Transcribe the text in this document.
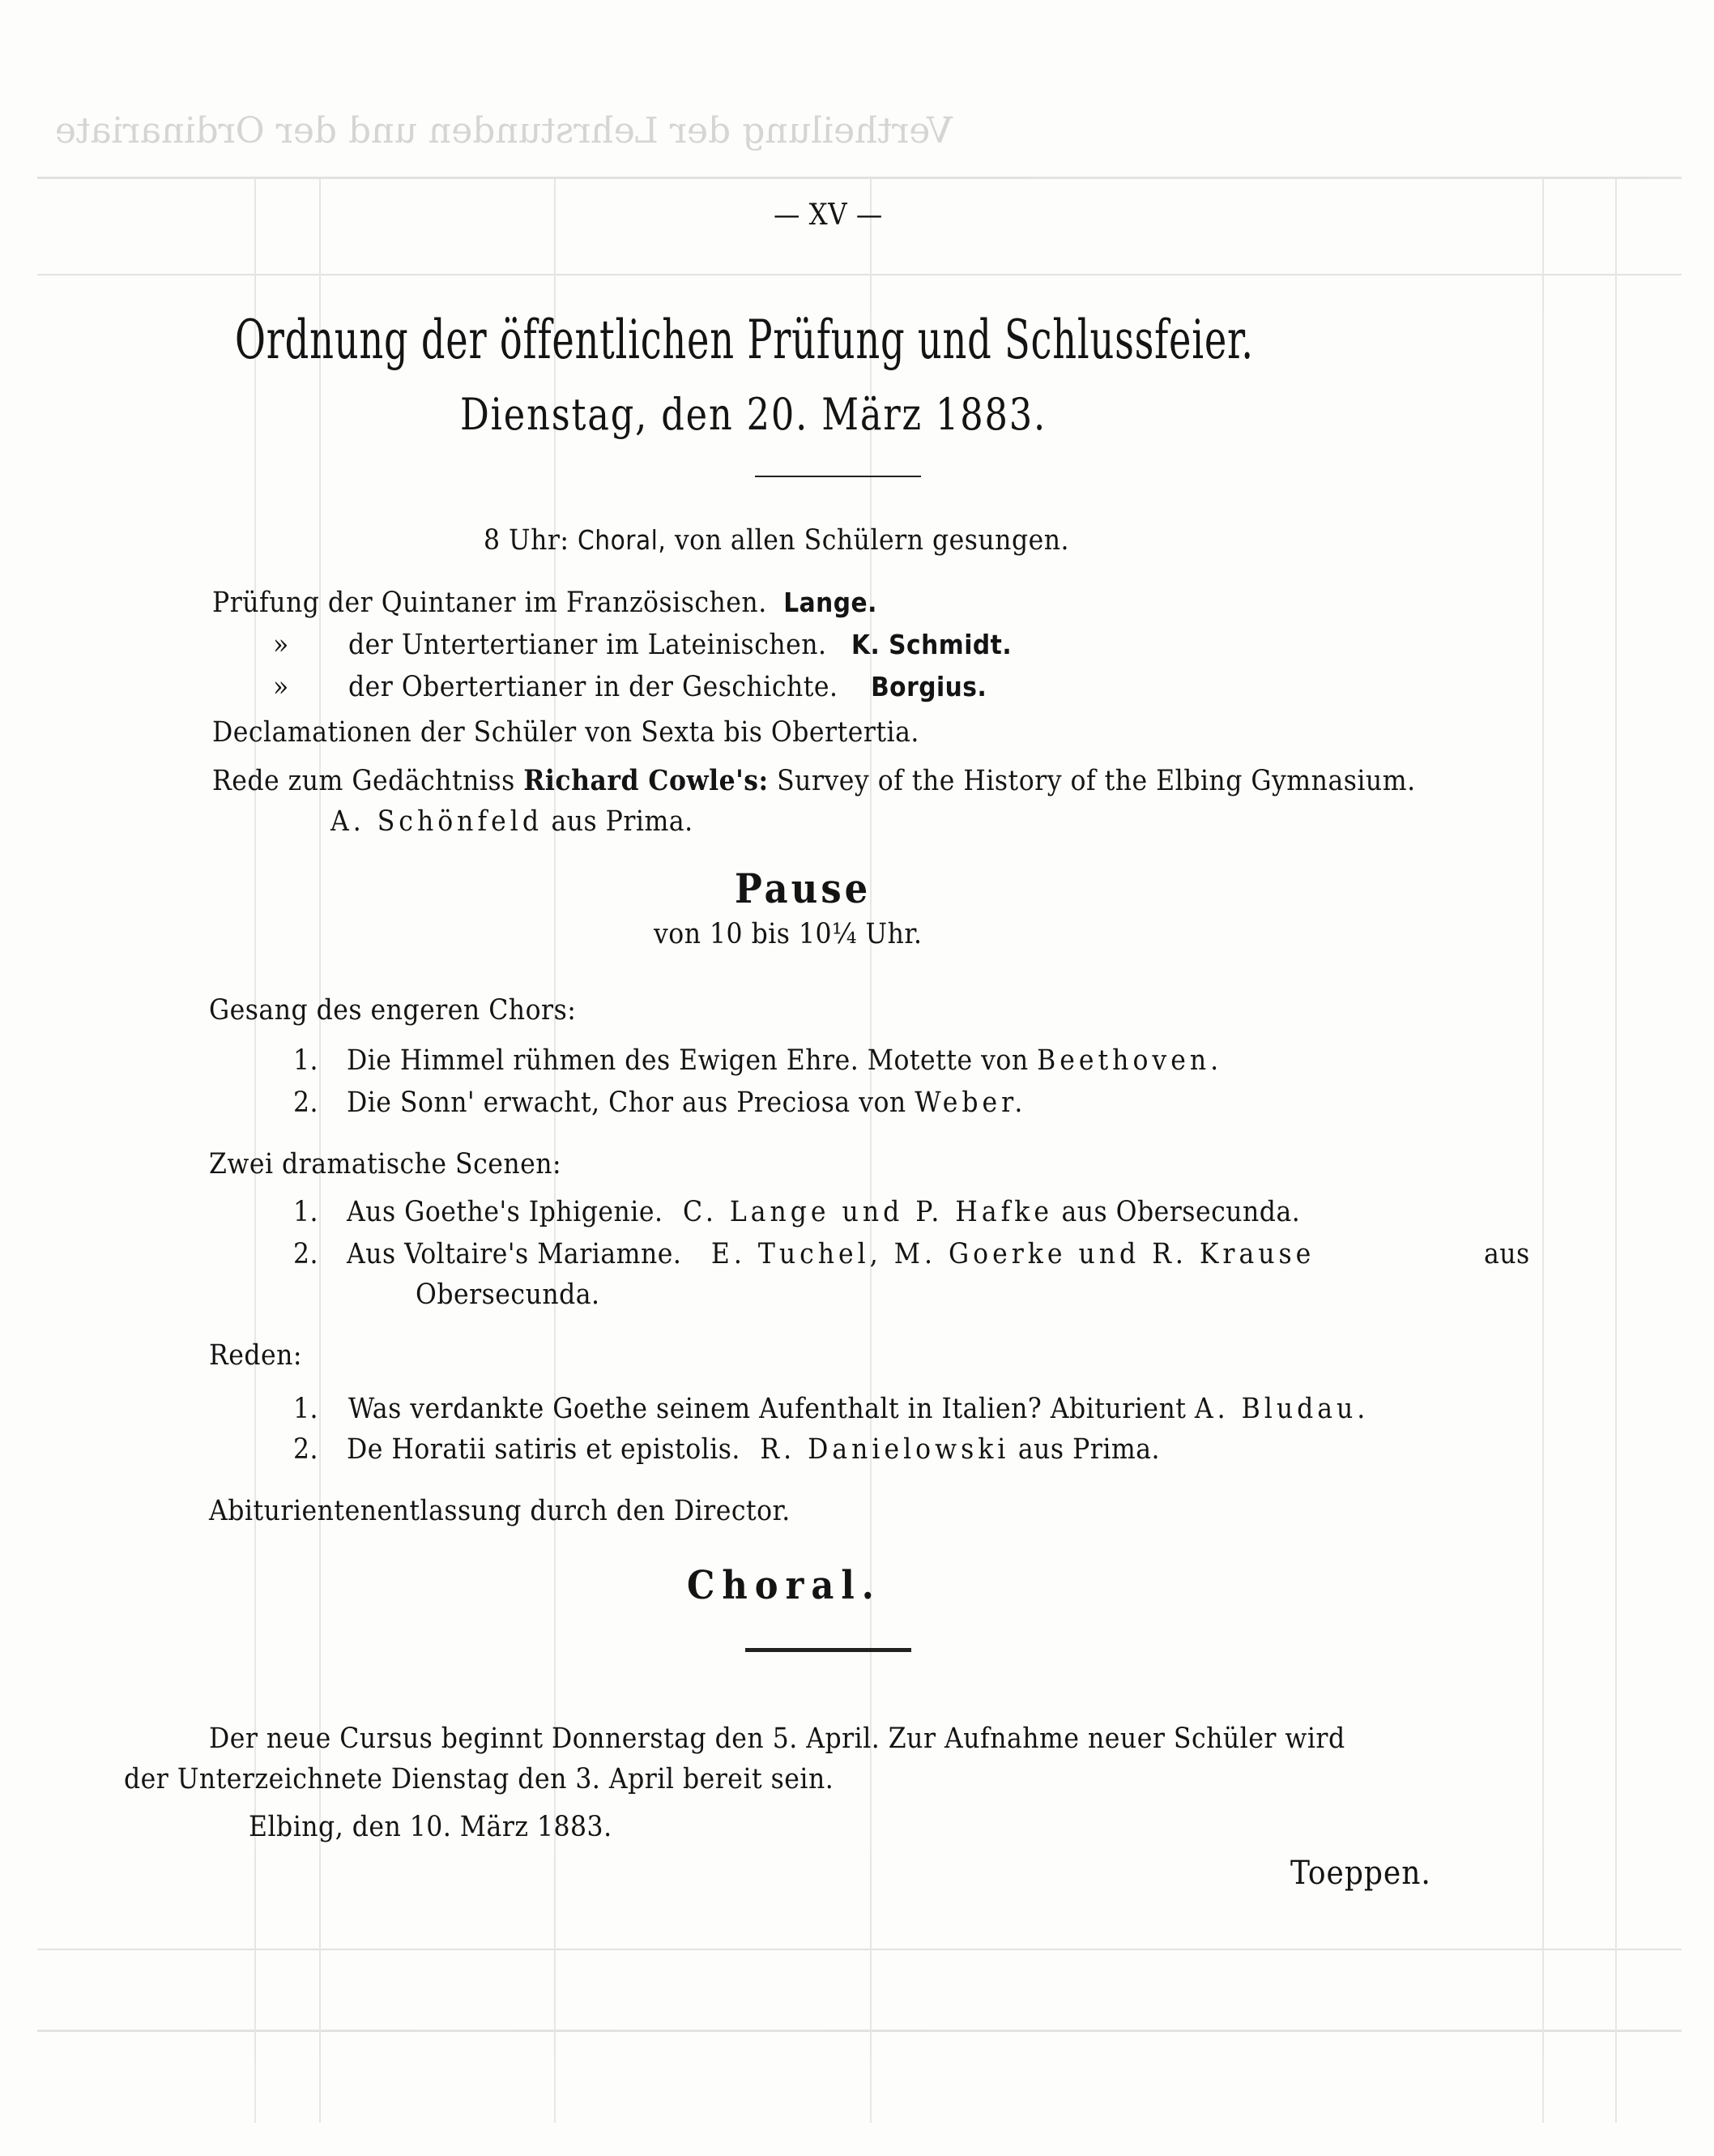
Vertheilung der Lehrstunden und der Ordinariate
— XV —
Ordnung der öffentlichen Prüfung und Schlussfeier.
Dienstag, den 20. März 1883.
8 Uhr: Choral, von allen Schülern gesungen.
Prüfung der Quintaner im Französischen. Lange.
» der Untertertianer im Lateinischen. K. Schmidt.
» der Obertertianer in der Geschichte. Borgius.
Declamationen der Schüler von Sexta bis Obertertia.
Rede zum Gedächtniss Richard Cowle's: Survey of the History of the Elbing Gymnasium.
A. Schönfeld aus Prima.
Pause
von 10 bis 10¼ Uhr.
Gesang des engeren Chors:
1. Die Himmel rühmen des Ewigen Ehre. Motette von Beethoven.
2. Die Sonn' erwacht, Chor aus Preciosa von Weber.
Zwei dramatische Scenen:
1. Aus Goethe's Iphigenie. C. Lange und P. Hafke aus Obersecunda.
2. Aus Voltaire's Mariamne. E. Tuchel, M. Goerke und R. Krause	aus
Obersecunda.
Reden:
1. Was verdankte Goethe seinem Aufenthalt in Italien? Abiturient A. Bludau.
2. De Horatii satiris et epistolis. R. Danielowski aus Prima.
Abiturientenentlassung durch den Director.
Choral.
Der neue Cursus beginnt Donnerstag den 5. April. Zur Aufnahme neuer Schüler wird
der Unterzeichnete Dienstag den 3. April bereit sein.
Elbing, den 10. März 1883.
Toeppen.
